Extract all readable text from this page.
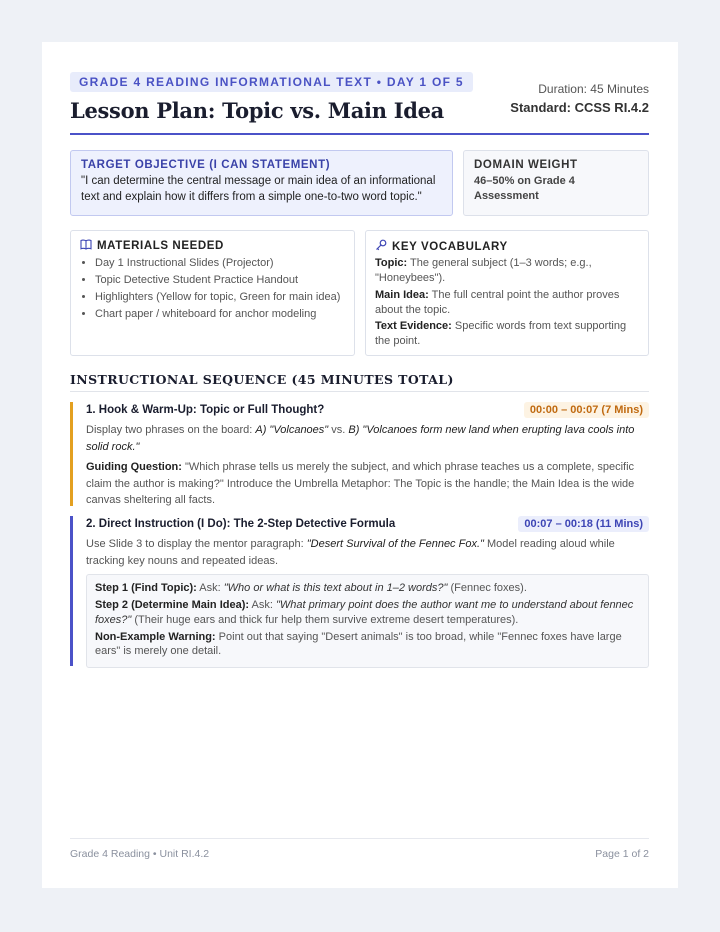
GRADE 4 READING INFORMATIONAL TEXT • DAY 1 OF 5
Lesson Plan: Topic vs. Main Idea
Duration: 45 Minutes
Standard: CCSS RI.4.2
TARGET OBJECTIVE (I CAN STATEMENT)
"I can determine the central message or main idea of an informational text and explain how it differs from a simple one-to-two word topic."
DOMAIN WEIGHT
46–50% on Grade 4 Assessment
MATERIALS NEEDED
• Day 1 Instructional Slides (Projector)
• Topic Detective Student Practice Handout
• Highlighters (Yellow for topic, Green for main idea)
• Chart paper / whiteboard for anchor modeling
KEY VOCABULARY
Topic: The general subject (1–3 words; e.g., "Honeybees").
Main Idea: The full central point the author proves about the topic.
Text Evidence: Specific words from text supporting the point.
INSTRUCTIONAL SEQUENCE (45 MINUTES TOTAL)
1. Hook & Warm-Up: Topic or Full Thought?	00:00 – 00:07 (7 Mins)
Display two phrases on the board: A) "Volcanoes" vs. B) "Volcanoes form new land when erupting lava cools into solid rock."
Guiding Question: "Which phrase tells us merely the subject, and which phrase teaches us a complete, specific claim the author is making?" Introduce the Umbrella Metaphor: The Topic is the handle; the Main Idea is the wide canvas sheltering all facts.
2. Direct Instruction (I Do): The 2-Step Detective Formula	00:07 – 00:18 (11 Mins)
Use Slide 3 to display the mentor paragraph: "Desert Survival of the Fennec Fox." Model reading aloud while tracking key nouns and repeated ideas.
Step 1 (Find Topic): Ask: "Who or what is this text about in 1–2 words?" (Fennec foxes).
Step 2 (Determine Main Idea): Ask: "What primary point does the author want me to understand about fennec foxes?" (Their huge ears and thick fur help them survive extreme desert temperatures).
Non-Example Warning: Point out that saying "Desert animals" is too broad, while "Fennec foxes have large ears" is merely one detail.
Grade 4 Reading • Unit RI.4.2	Page 1 of 2
